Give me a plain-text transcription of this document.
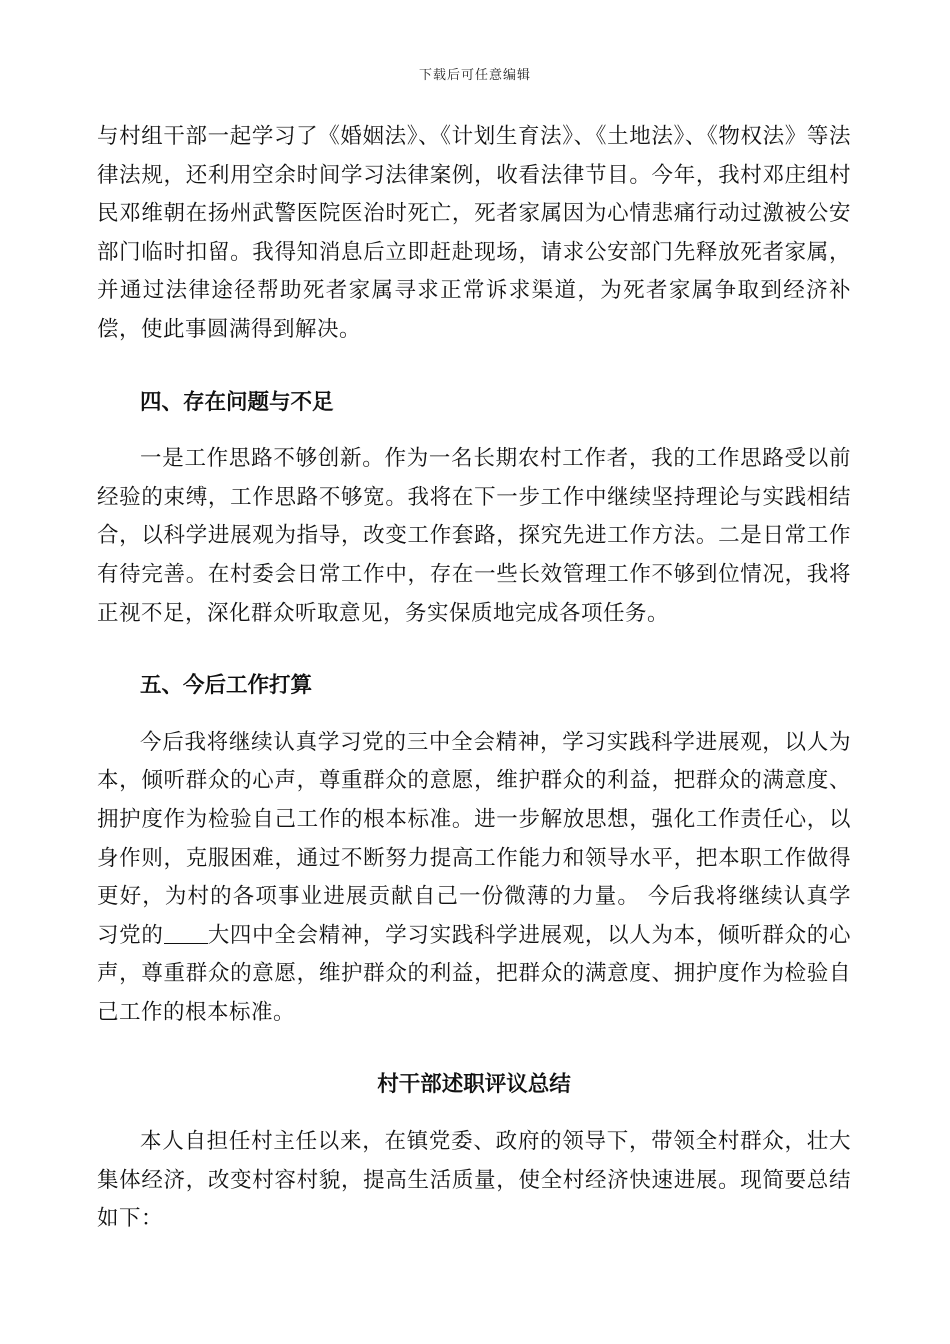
下载后可任意编辑

与村组干部一起学习了《婚姻法》、《计划生育法》、《土地法》、《物权法》等法律法规，还利用空余时间学习法律案例，收看法律节目。今年，我村邓庄组村民邓维朝在扬州武警医院医治时死亡，死者家属因为心情悲痛行动过激被公安部门临时扣留。我得知消息后立即赶赴现场，请求公安部门先释放死者家属，并通过法律途径帮助死者家属寻求正常诉求渠道，为死者家属争取到经济补偿，使此事圆满得到解决。

四、存在问题与不足

一是工作思路不够创新。作为一名长期农村工作者，我的工作思路受以前经验的束缚，工作思路不够宽。我将在下一步工作中继续坚持理论与实践相结合，以科学进展观为指导，改变工作套路，探究先进工作方法。二是日常工作有待完善。在村委会日常工作中，存在一些长效管理工作不够到位情况，我将正视不足，深化群众听取意见，务实保质地完成各项任务。

五、今后工作打算

今后我将继续认真学习党的三中全会精神，学习实践科学进展观，以人为本，倾听群众的心声，尊重群众的意愿，维护群众的利益，把群众的满意度、拥护度作为检验自己工作的根本标准。进一步解放思想，强化工作责任心，以身作则，克服困难，通过不断努力提高工作能力和领导水平，把本职工作做得更好，为村的各项事业进展贡献自己一份微薄的力量。 今后我将继续认真学习党的 大四中全会精神，学习实践科学进展观，以人为本，倾听群众的心声，尊重群众的意愿，维护群众的利益，把群众的满意度、拥护度作为检验自己工作的根本标准。

村干部述职评议总结

本人自担任村主任以来，在镇党委、政府的领导下，带领全村群众，壮大集体经济，改变村容村貌，提高生活质量，使全村经济快速进展。现简要总结如下：
